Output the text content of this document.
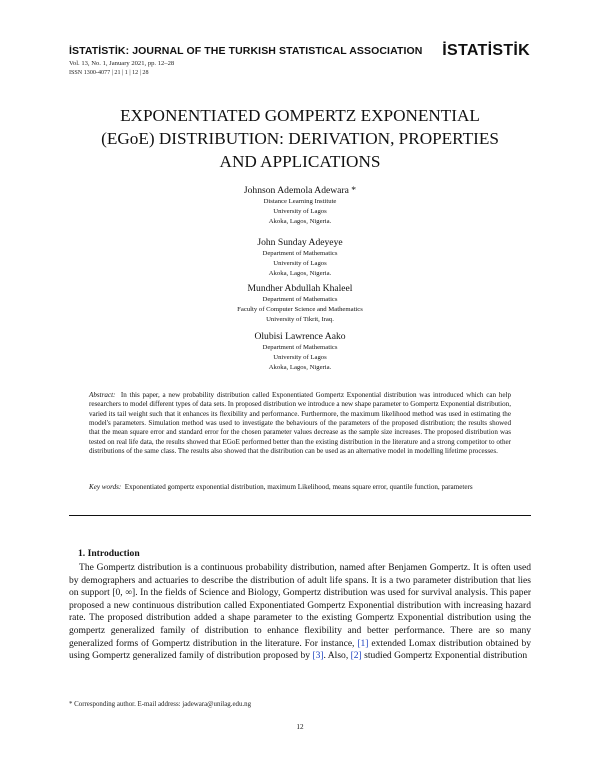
İSTATİSTİK: JOURNAL OF THE TURKISH STATISTICAL ASSOCIATION
Vol. 13, No. 1, January 2021, pp. 12–28
ISSN 1300-4077 | 21 | 1 | 12 | 28
İSTATİSTİK
EXPONENTIATED GOMPERTZ EXPONENTIAL
(EGoE) DISTRIBUTION: DERIVATION, PROPERTIES
AND APPLICATIONS
Johnson Ademola Adewara *
Distance Learning Institute
University of Lagos
Akoka, Lagos, Nigeria.
John Sunday Adeyeye
Department of Mathematics
University of Lagos
Akoka, Lagos, Nigeria.
Mundher Abdullah Khaleel
Department of Mathematics
Faculty of Computer Science and Mathematics
University of Tikrit, Iraq.
Olubisi Lawrence Aako
Department of Mathematics
University of Lagos
Akoka, Lagos, Nigeria.
Abstract: In this paper, a new probability distribution called Exponentiated Gompertz Exponential distribution was introduced which can help researchers to model different types of data sets. In proposed distribution we introduce a new shape parameter to Gompertz Exponential distribution, varied its tail weight such that it enhances its flexibility and performance. Furthermore, the maximum likelihood method was used in estimating the model's parameters. Simulation method was used to investigate the behaviours of the parameters of the proposed distribution; the results showed that the mean square error and standard error for the chosen parameter values decrease as the sample size increases. The proposed distribution was tested on real life data, the results showed that EGoE performed better than the existing distribution in the literature and a strong competitor to other distributions of the same class. The results also showed that the distribution can be used as an alternative model in modelling lifetime processes.
Key words: Exponentiated gompertz exponential distribution, maximum Likelihood, means square error, quantile function, parameters
1. Introduction

The Gompertz distribution is a continuous probability distribution, named after Benjamen Gompertz. It is often used by demographers and actuaries to describe the distribution of adult life spans. It is a two parameter distribution that lies on support [0, ∞]. In the fields of Science and Biology, Gompertz distribution was used for survival analysis. This paper proposed a new continuous distribution called Exponentiated Gompertz Exponential distribution with increasing hazard rate. The proposed distribution added a shape parameter to the existing Gompertz Exponential distribution using the gompertz generalized family of distribution to enhance flexibility and better performance. There are so many generalized forms of Gompertz distribution in the literature. For instance, [1] extended Lomax distribution obtained by using Gompertz generalized family of distribution proposed by [3]. Also, [2] studied Gompertz Exponential distribution

* Corresponding author. E-mail address: jadewara@unilag.edu.ng
12
